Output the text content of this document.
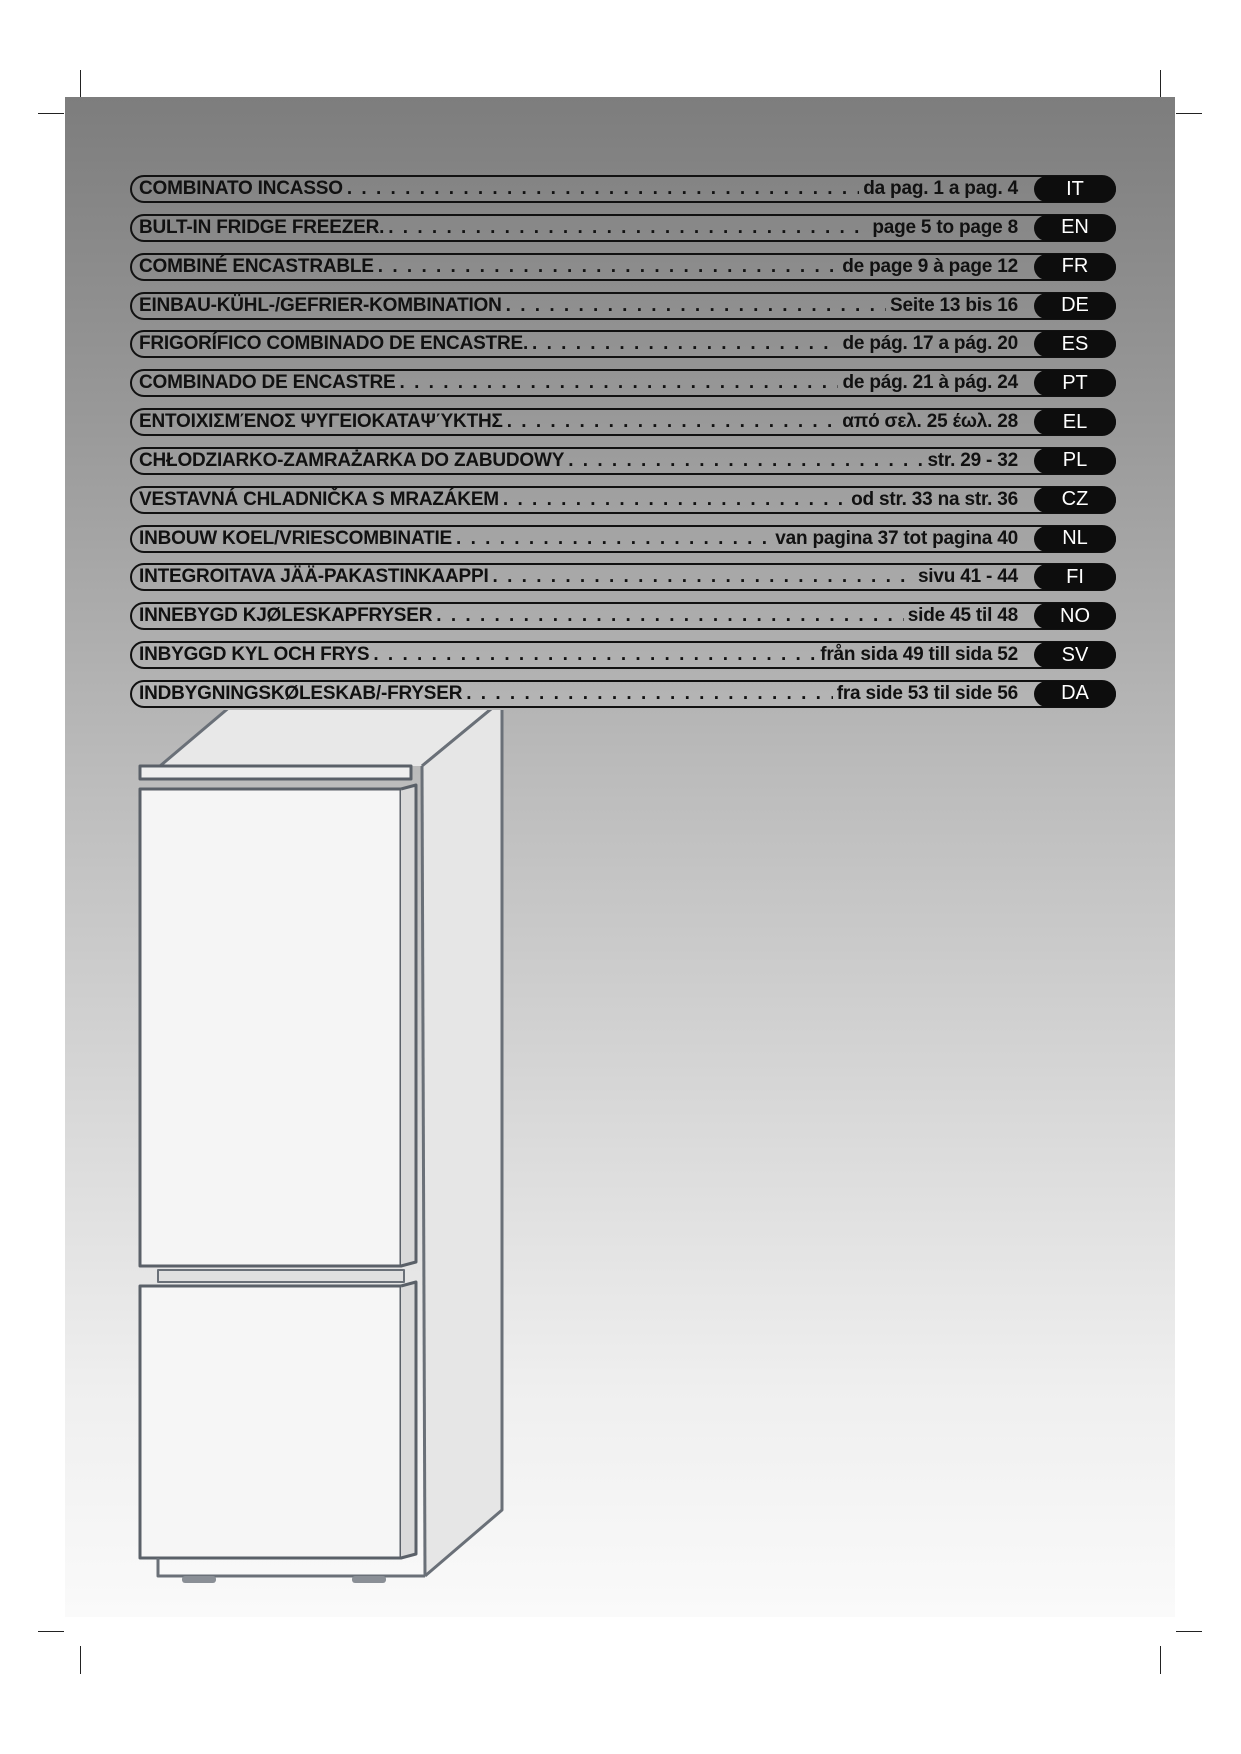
COMBINATO INCASSO . . .	da pag. 1 a pag. 4	IT
BULT-IN FRIDGE FREEZER. . . .	page 5 to page 8	EN
COMBINÉ ENCASTRABLE . . .	de page 9 à page 12	FR
EINBAU-KÜHL-/GEFRIER-KOMBINATION . . .	Seite 13 bis 16	DE
FRIGORÍFICO COMBINADO DE ENCASTRE. . . .	de pág. 17 a pág. 20	ES
COMBINADO DE ENCASTRE . . .	de pág. 21 à pág. 24	PT
ΕΝΤΟΙΧΙΣΜΈΝΟΣ ΨΥΓΕΙΟΚΑΤΑΨΎΚΤΗΣ . . .	από σελ. 25 έωλ. 28	EL
CHŁODZIARKO-ZAMRAŻARKA DO ZABUDOWY . . .	str. 29 - 32	PL
VESTAVNÁ CHLADNIČKA S MRAZÁKEM . . .	od str. 33 na str. 36	CZ
INBOUW KOEL/VRIESCOMBINATIE . . .	van pagina 37 tot pagina 40	NL
INTEGROITAVA JÄÄ-PAKASTINKAAPPI . . .	sivu 41 - 44	FI
INNEBYGD KJØLESKAPFRYSER . . .	side 45 til 48	NO
INBYGGD KYL OCH FRYS . . .	från sida 49 till sida 52	SV
INDBYGNINGSKØLESKAB/-FRYSER . . .	fra side 53 til side 56	DA
